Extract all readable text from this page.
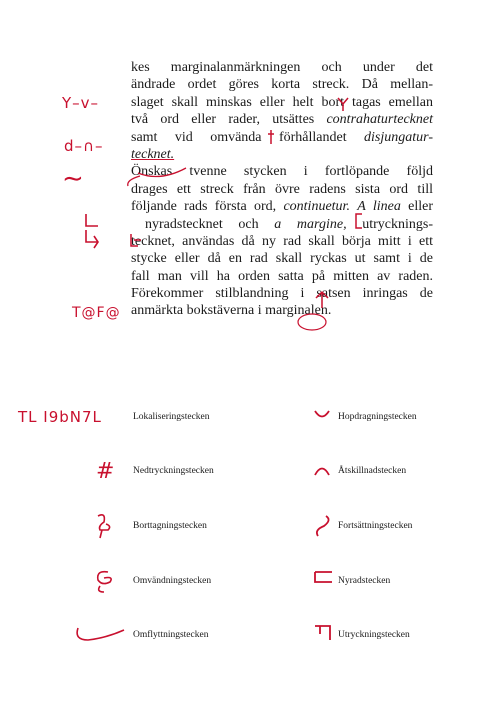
kes marginalanmärkningen och under det
ändrade ordet göres korta streck. Då mellan-
slaget skall minskas eller helt bort tagas emellan
två ord eller rader, utsättes contrahaturtecknet
samt vid omvända förhållandet disjungatur-
tecknet.
Önskas tvenne stycken i fortlöpande följd
drages ett streck från övre radens sista ord till
följande rads första ord, continuetur. A linea eller
nyradstecknet och a margine, utrycknings-
tecknet, användas då ny rad skall börja mitt i ett
stycke eller då en rad skall ryckas ut samt i de
fall man vill ha orden satta på mitten av raden.
Förekommer stilblandning i satsen inringas de
anmärkta bokstäverna i marginalen.
Y–v–
d–∩–
∼
T@F@
TL I9bN7L	Lokaliseringstecken
# Nedtryckningstecken
Borttagningstecken
Omvändningstecken
Omflyttningstecken
Hopdragningstecken
Åtskillnadstecken
Fortsättningstecken
Nyradstecken
Utryckningstecken
